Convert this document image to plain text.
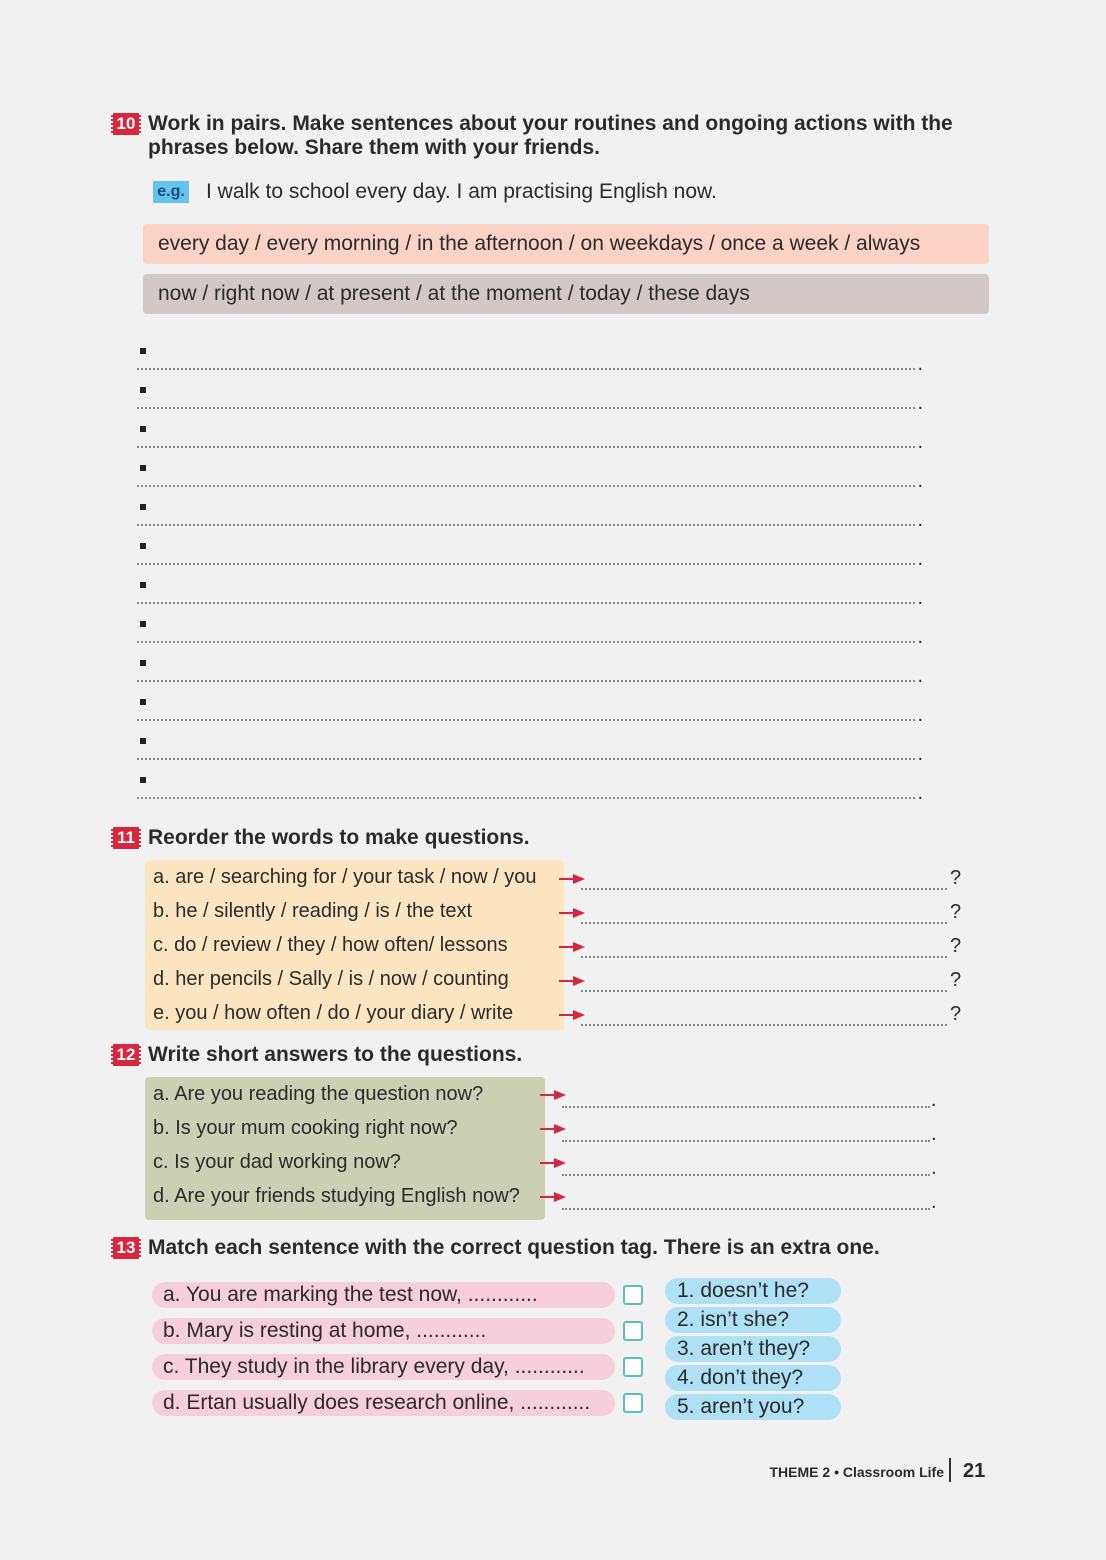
10 Work in pairs. Make sentences about your routines and ongoing actions with the phrases below. Share them with your friends.
e.g. I walk to school every day. I am practising English now.
every day / every morning / in the afternoon / on weekdays / once a week / always
now / right now / at present / at the moment / today / these days
.
.
.
.
.
.
.
.
.
.
.
.
11 Reorder the words to make questions.
a. are / searching for / your task / now / you	?
b. he / silently / reading / is / the text	?
c. do / review / they / how often/ lessons	?
d. her pencils / Sally / is / now / counting	?
e. you / how often / do / your diary / write	?
12 Write short answers to the questions.
a. Are you reading the question now?	.
b. Is your mum cooking right now?	.
c. Is your dad working now?	.
d. Are your friends studying English now?	.
13 Match each sentence with the correct question tag. There is an extra one.
a. You are marking the test now, ............
b. Mary is resting at home, ............
c. They study in the library every day, ............
d. Ertan usually does research online, ............
1. doesn’t he?
2. isn’t she?
3. aren’t they?
4. don’t they?
5. aren’t you?
THEME 2 • Classroom Life 21
